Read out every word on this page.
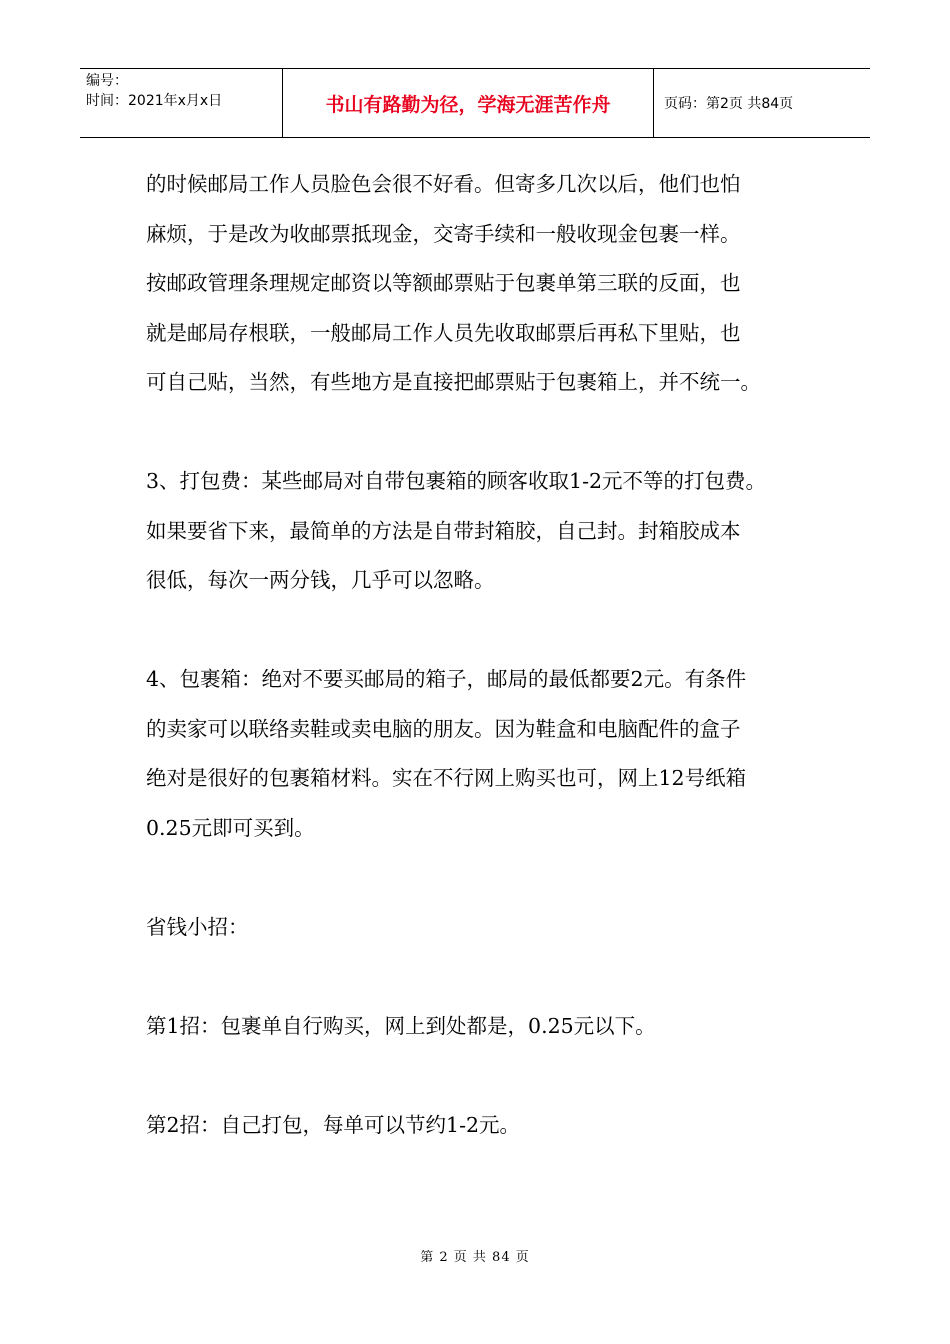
编号：
时间：2021年x月x日	书山有路勤为径，学海无涯苦作舟	页码：第2页 共84页

的时候邮局工作人员脸色会很不好看。但寄多几次以后，他们也怕

麻烦，于是改为收邮票抵现金，交寄手续和一般收现金包裹一样。

按邮政管理条理规定邮资以等额邮票贴于包裹单第三联的反面，也

就是邮局存根联，一般邮局工作人员先收取邮票后再私下里贴，也

可自己贴，当然，有些地方是直接把邮票贴于包裹箱上，并不统一。

3、打包费：某些邮局对自带包裹箱的顾客收取1-2元不等的打包费。

如果要省下来，最简单的方法是自带封箱胶，自己封。封箱胶成本

很低，每次一两分钱，几乎可以忽略。

4、包裹箱：绝对不要买邮局的箱子，邮局的最低都要2元。有条件

的卖家可以联络卖鞋或卖电脑的朋友。因为鞋盒和电脑配件的盒子

绝对是很好的包裹箱材料。实在不行网上购买也可，网上12号纸箱

0.25元即可买到。

省钱小招：

第1招：包裹单自行购买，网上到处都是，0.25元以下。

第2招：自己打包，每单可以节约1-2元。

第 2 页 共 84 页
